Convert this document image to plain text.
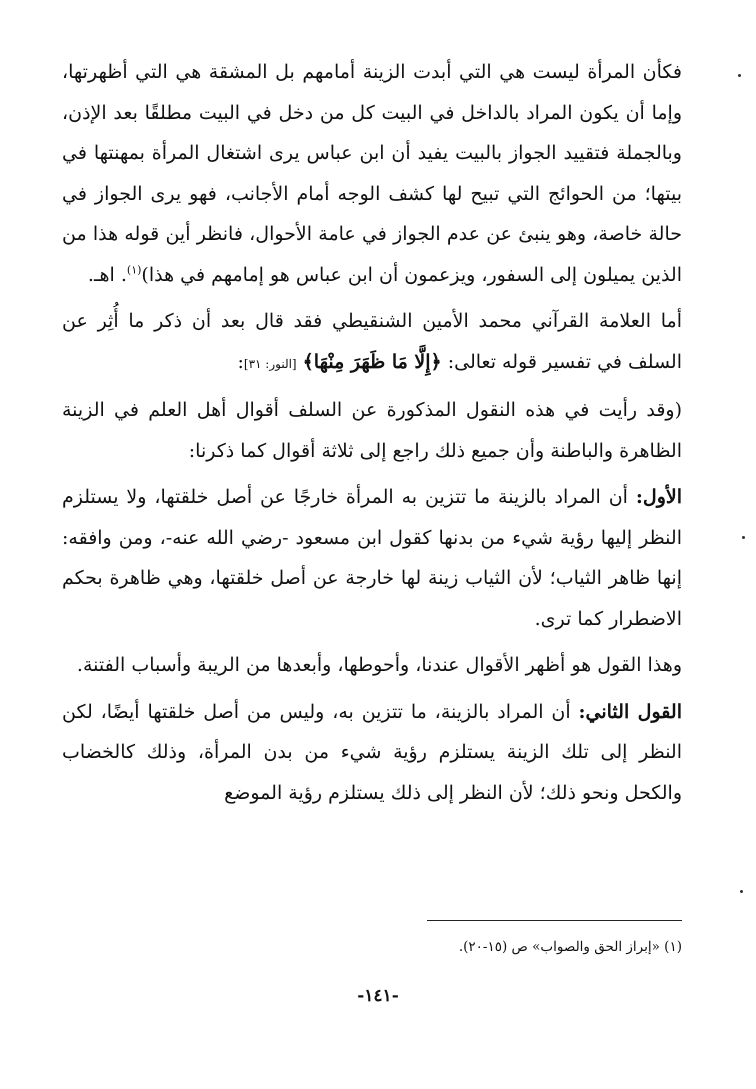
فكأن المرأة ليست هي التي أبدت الزينة أمامهم بل المشقة هي التي أظهرتها، وإما أن يكون المراد بالداخل في البيت كل من دخل في البيت مطلقًا بعد الإذن، وبالجملة فتقييد الجواز بالبيت يفيد أن ابن عباس يرى اشتغال المرأة بمهنتها في بيتها؛ من الحوائج التي تبيح لها كشف الوجه أمام الأجانب، فهو يرى الجواز في حالة خاصة، وهو ينبئ عن عدم الجواز في عامة الأحوال، فانظر أين قوله هذا من الذين يميلون إلى السفور، ويزعمون أن ابن عباس هو إمامهم في هذا)$^{(١)}$. اهـ.

أما العلامة القرآني محمد الأمين الشنقيطي فقد قال بعد أن ذكر ما أُثِر عن السلف في تفسير قوله تعالى: ﴿إِلَّا مَا ظَهَرَ مِنْهَا﴾ [النور: ٣١]:

(وقد رأيت في هذه النقول المذكورة عن السلف أقوال أهل العلم في الزينة الظاهرة والباطنة وأن جميع ذلك راجع إلى ثلاثة أقوال كما ذكرنا:

الأول: أن المراد بالزينة ما تتزين به المرأة خارجًا عن أصل خلقتها، ولا يستلزم النظر إليها رؤية شيء من بدنها كقول ابن مسعود -رضي الله عنه-، ومن وافقه: إنها ظاهر الثياب؛ لأن الثياب زينة لها خارجة عن أصل خلقتها، وهي ظاهرة بحكم الاضطرار كما ترى.

وهذا القول هو أظهر الأقوال عندنا، وأحوطها، وأبعدها من الريبة وأسباب الفتنة.

القول الثاني: أن المراد بالزينة، ما تتزين به، وليس من أصل خلقتها أيضًا، لكن النظر إلى تلك الزينة يستلزم رؤية شيء من بدن المرأة، وذلك كالخضاب والكحل ونحو ذلك؛ لأن النظر إلى ذلك يستلزم رؤية الموضع

(١) «إبراز الحق والصواب» ص (١٥-٢٠).
-١٤١-
